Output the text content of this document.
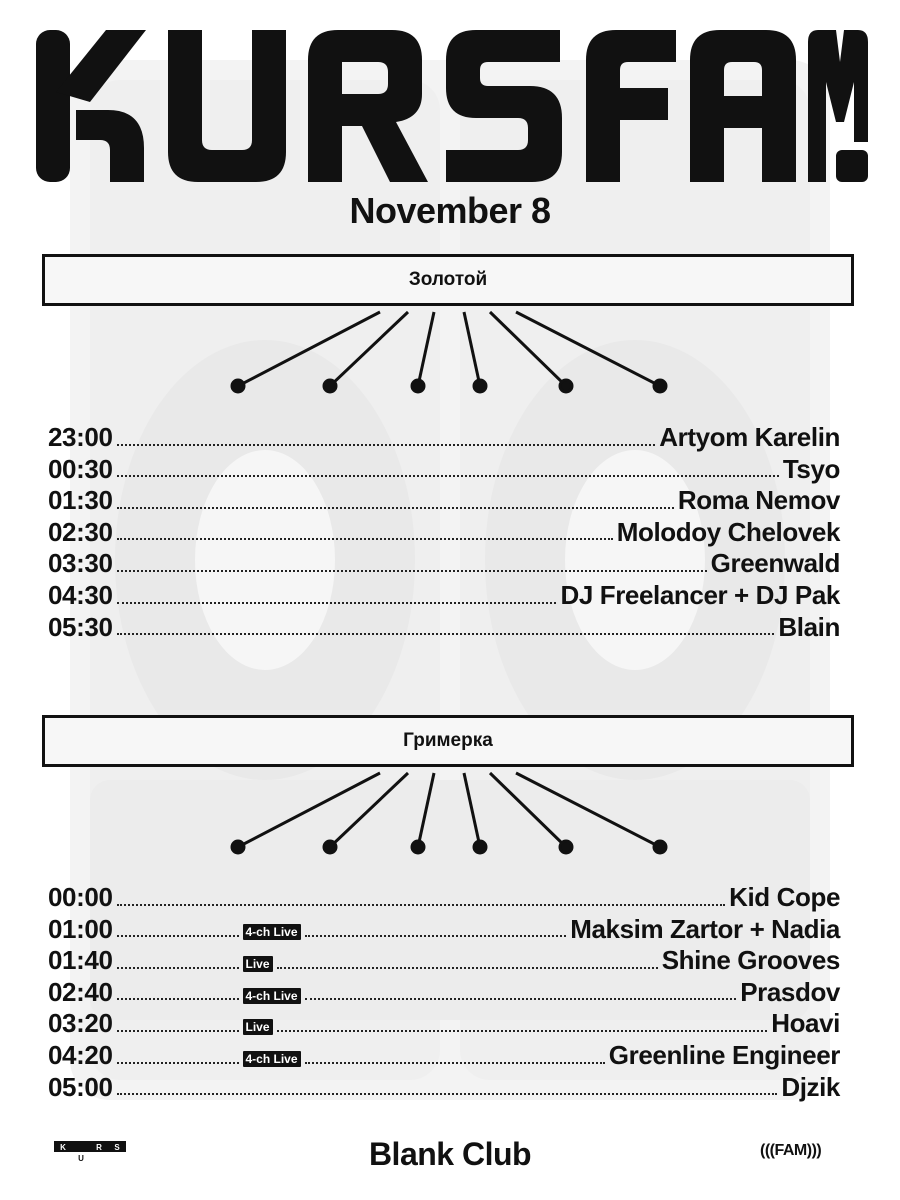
November 8
Золотой
23:00	Artyom Karelin
00:30	Tsyo
01:30	Roma Nemov
02:30	Molodoy Chelovek
03:30	Greenwald
04:30	DJ Freelancer + DJ Pak
05:30	Blain
Гримерка
00:00	Kid Cope
01:00	4-ch Live	Maksim Zartor + Nadia
01:40	Live	Shine Grooves
02:40	4-ch Live	Prasdov
03:20	Live	Hoavi
04:20	4-ch Live	Greenline Engineer
05:00	Djzik
K
U
R S	Blank Club	(((FAM)))
